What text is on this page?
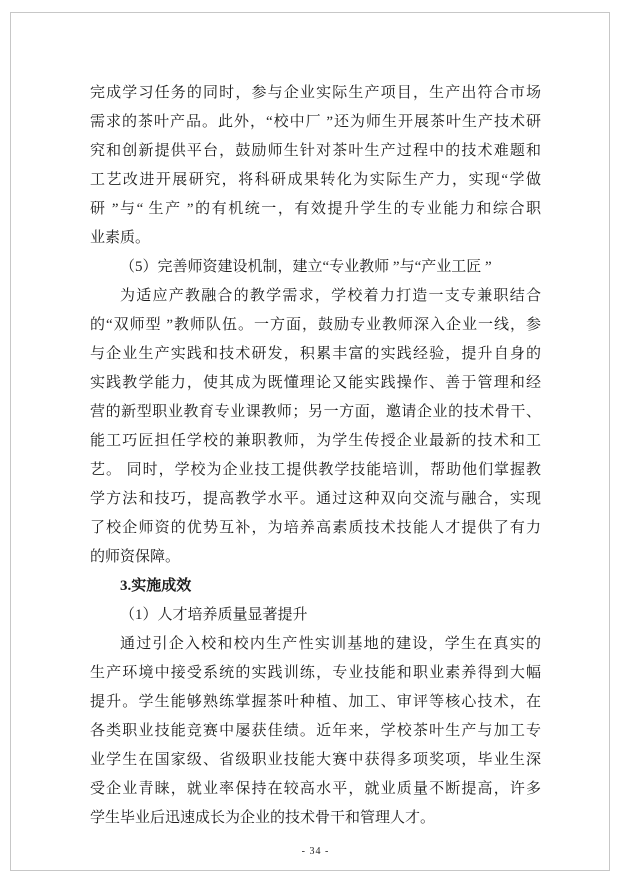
完成学习任务的同时，参与企业实际生产项目，生产出符合市场
需求的茶叶产品。此外，“校中厂 ”还为师生开展茶叶生产技术研
究和创新提供平台，鼓励师生针对茶叶生产过程中的技术难题和
工艺改进开展研究，将科研成果转化为实际生产力，实现“学做
研 ”与“ 生产 ”的有机统一，有效提升学生的专业能力和综合职
业素质。
（5）完善师资建设机制，建立“专业教师 ”与“产业工匠 ”
为适应产教融合的教学需求，学校着力打造一支专兼职结合
的“双师型 ”教师队伍。一方面，鼓励专业教师深入企业一线，参
与企业生产实践和技术研发，积累丰富的实践经验，提升自身的
实践教学能力，使其成为既懂理论又能实践操作、善于管理和经
营的新型职业教育专业课教师；另一方面，邀请企业的技术骨干、
能工巧匠担任学校的兼职教师，为学生传授企业最新的技术和工
艺。 同时，学校为企业技工提供教学技能培训，帮助他们掌握教
学方法和技巧，提高教学水平。通过这种双向交流与融合，实现
了校企师资的优势互补，为培养高素质技术技能人才提供了有力
的师资保障。
3.实施成效
（1）人才培养质量显著提升
通过引企入校和校内生产性实训基地的建设，学生在真实的
生产环境中接受系统的实践训练，专业技能和职业素养得到大幅
提升。学生能够熟练掌握茶叶种植、加工、审评等核心技术，在
各类职业技能竞赛中屡获佳绩。近年来，学校茶叶生产与加工专
业学生在国家级、省级职业技能大赛中获得多项奖项，毕业生深
受企业青睐，就业率保持在较高水平，就业质量不断提高，许多
学生毕业后迅速成长为企业的技术骨干和管理人才。
- 34 -
